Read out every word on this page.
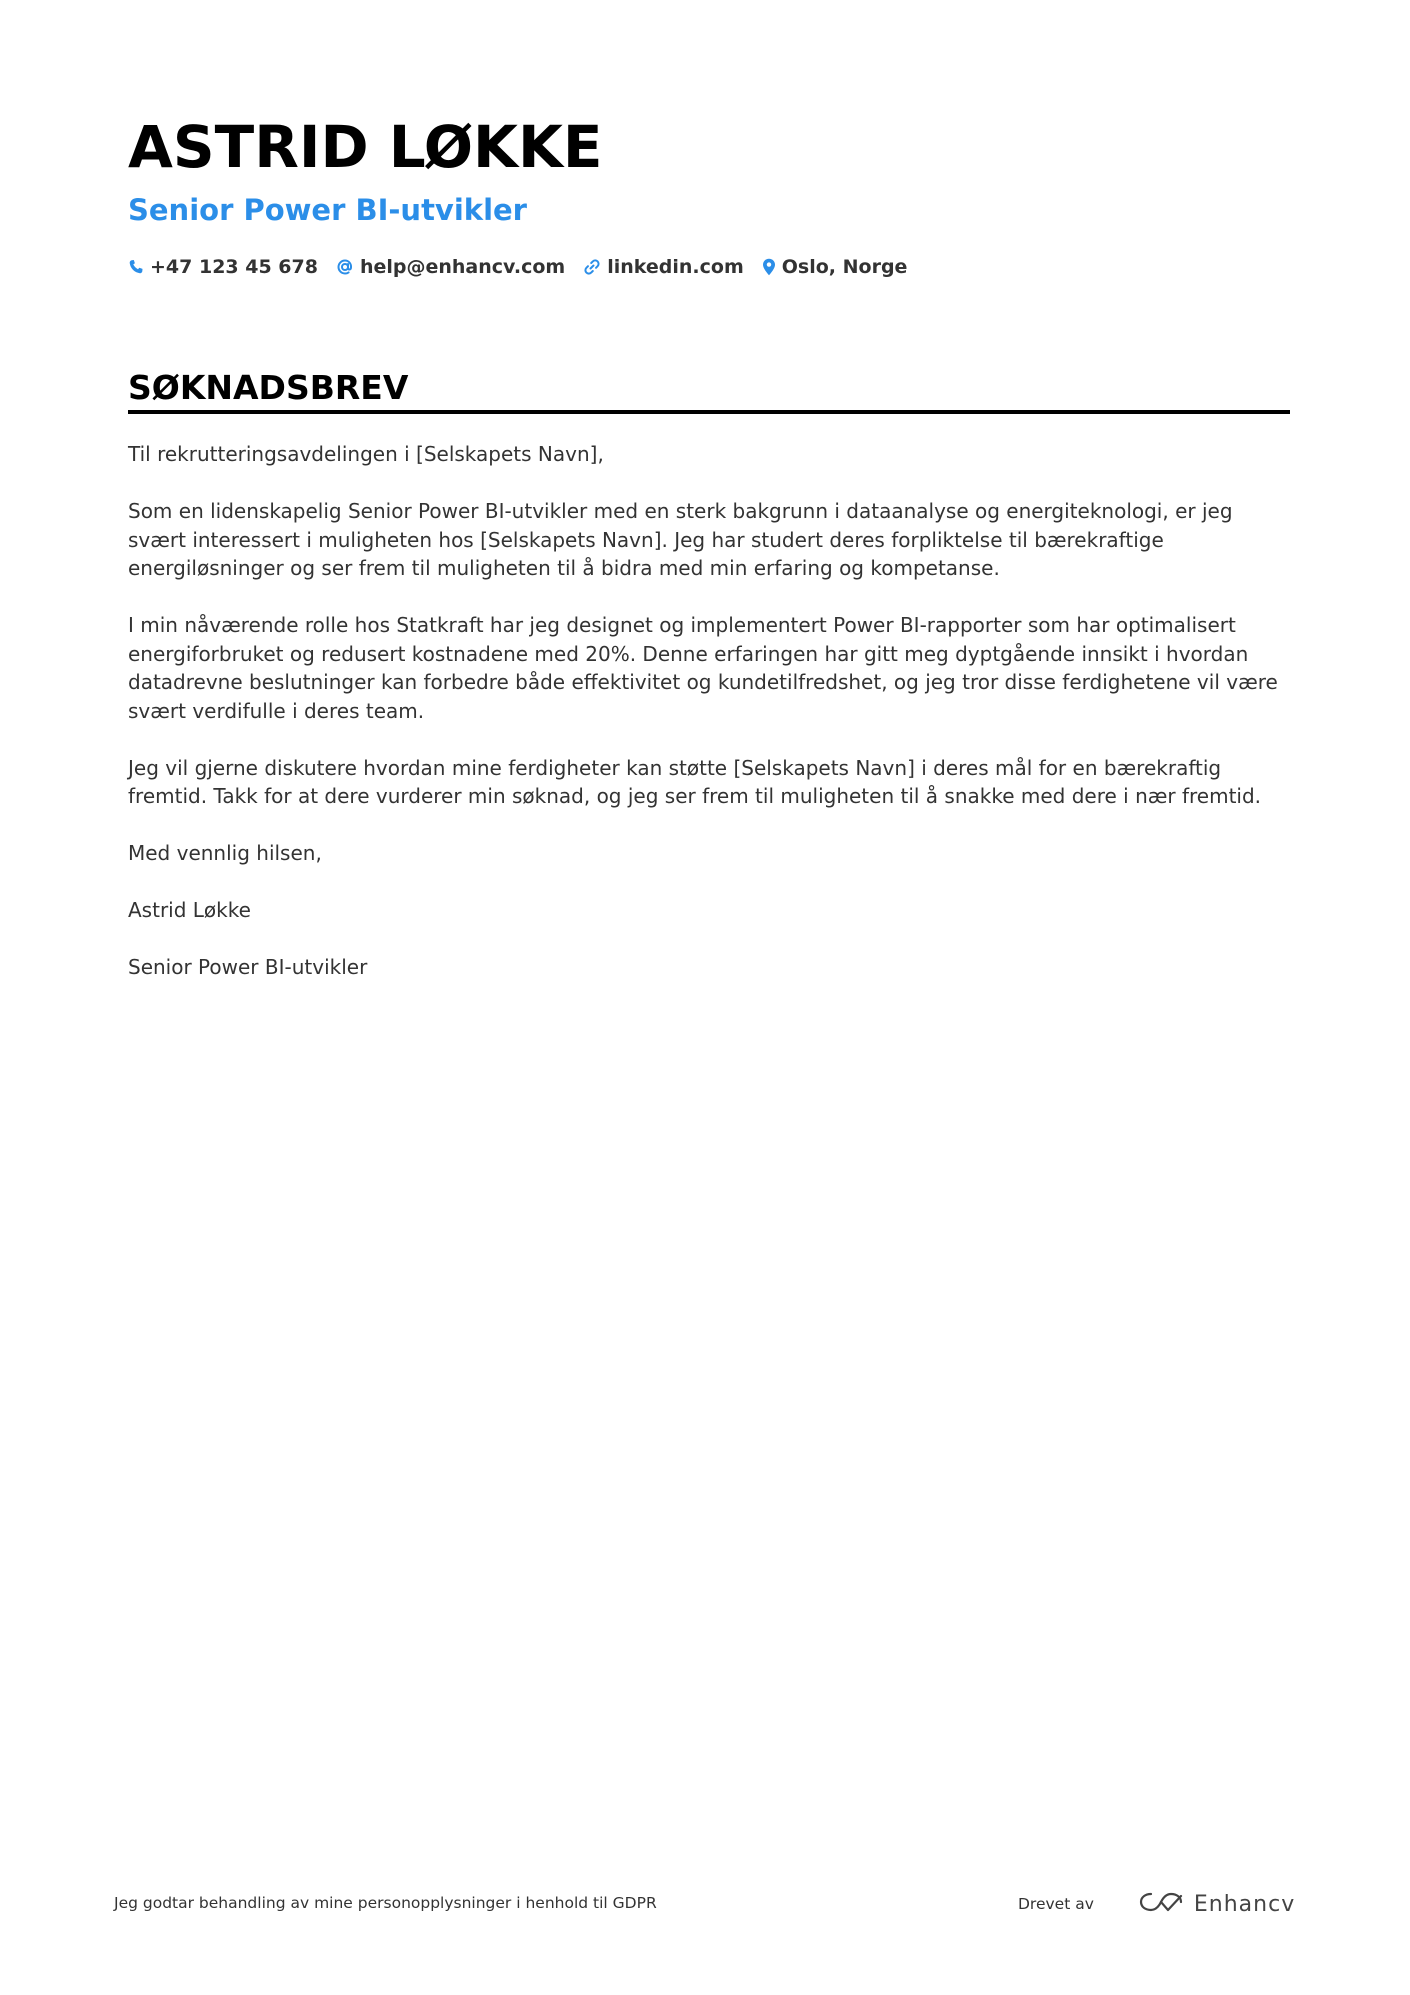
ASTRID LØKKE
Senior Power BI-utvikler
+47 123 45 678 help@enhancv.com linkedin.com Oslo, Norge
SØKNADSBREV

Til rekrutteringsavdelingen i [Selskapets Navn],

Som en lidenskapelig Senior Power BI-utvikler med en sterk bakgrunn i dataanalyse og energiteknologi, er jeg svært interessert i muligheten hos [Selskapets Navn]. Jeg har studert deres forpliktelse til bærekraftige energiløsninger og ser frem til muligheten til å bidra med min erfaring og kompetanse.

I min nåværende rolle hos Statkraft har jeg designet og implementert Power BI-rapporter som har optimalisert energiforbruket og redusert kostnadene med 20%. Denne erfaringen har gitt meg dyptgående innsikt i hvordan datadrevne beslutninger kan forbedre både effektivitet og kundetilfredshet, og jeg tror disse ferdighetene vil være svært verdifulle i deres team.

Jeg vil gjerne diskutere hvordan mine ferdigheter kan støtte [Selskapets Navn] i deres mål for en bærekraftig fremtid. Takk for at dere vurderer min søknad, og jeg ser frem til muligheten til å snakke med dere i nær fremtid.

Med vennlig hilsen,

Astrid Løkke

Senior Power BI-utvikler

Jeg godtar behandling av mine personopplysninger i henhold til GDPR	Drevet av	Enhancv
